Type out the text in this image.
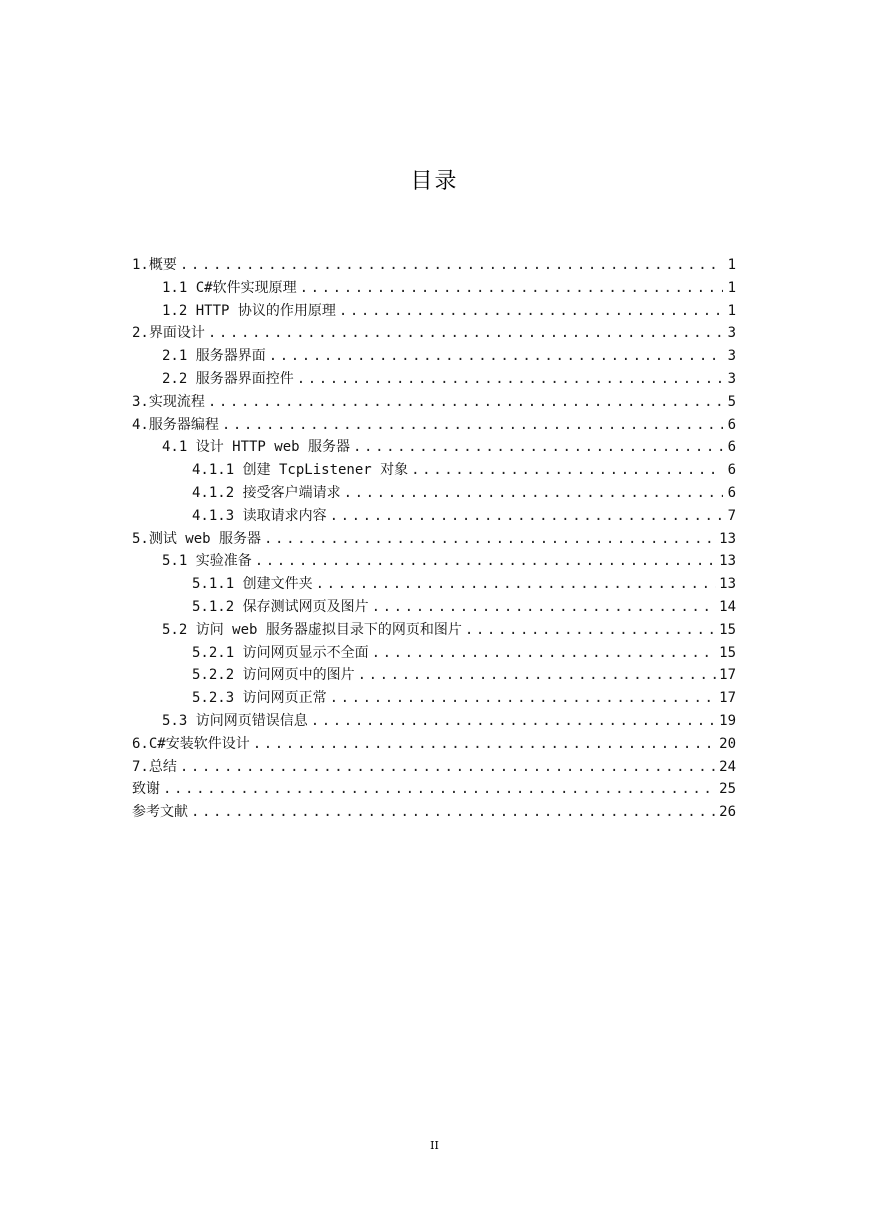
目录
1.概要 .....	1
1.1 C#软件实现原理 .....	1
1.2 HTTP 协议的作用原理 .....	1
2.界面设计 .....	3
2.1 服务器界面 .....	3
2.2 服务器界面控件 .....	3
3.实现流程 .....	5
4.服务器编程 .....	6
4.1 设计 HTTP web 服务器 .....	6
4.1.1 创建 TcpListener 对象 .....	6
4.1.2 接受客户端请求 .....	6
4.1.3 读取请求内容 .....	7
5.测试 web 服务器 .....	13
5.1 实验准备 .....	13
5.1.1 创建文件夹 .....	13
5.1.2 保存测试网页及图片 .....	14
5.2 访问 web 服务器虚拟目录下的网页和图片 .....	15
5.2.1 访问网页显示不全面 .....	15
5.2.2 访问网页中的图片 .....	17
5.2.3 访问网页正常 .....	17
5.3 访问网页错误信息 .....	19
6.C#安装软件设计 .....	20
7.总结 .....	24
致谢 .....	25
参考文献 .....	26
II
